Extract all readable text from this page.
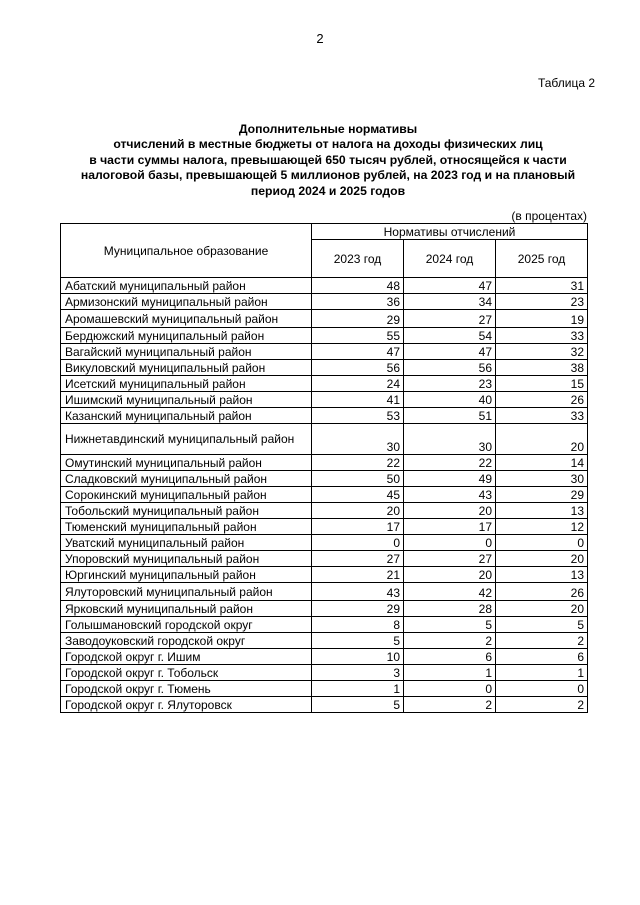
2
Таблица 2
Дополнительные нормативы
отчислений в местные бюджеты от налога на доходы физических лиц
в части суммы налога, превышающей 650 тысяч рублей, относящейся к части
налоговой базы, превышающей 5 миллионов рублей, на 2023 год и на плановый
период 2024 и 2025 годов
(в процентах)
Муниципальное образование	Нормативы отчислений		
	2023 год	2024 год	2025 год
Абатский муниципальный район	48	47	31
Армизонский муниципальный район	36	34	23
Аромашевский муниципальный район	29	27	19
Бердюжский муниципальный район	55	54	33
Вагайский муниципальный район	47	47	32
Викуловский муниципальный район	56	56	38
Исетский муниципальный район	24	23	15
Ишимский муниципальный район	41	40	26
Казанский муниципальный район	53	51	33
Нижнетавдинский муниципальный район	30	30	20
Омутинский муниципальный район	22	22	14
Сладковский муниципальный район	50	49	30
Сорокинский муниципальный район	45	43	29
Тобольский муниципальный район	20	20	13
Тюменский муниципальный район	17	17	12
Уватский муниципальный район	0	0	0
Упоровский муниципальный район	27	27	20
Юргинский муниципальный район	21	20	13
Ялуторовский муниципальный район	43	42	26
Ярковский муниципальный район	29	28	20
Голышмановский городской округ	8	5	5
Заводоуковский городской округ	5	2	2
Городской округ г. Ишим	10	6	6
Городской округ г. Тобольск	3	1	1
Городской округ г. Тюмень	1	0	0
Городской округ г. Ялуторовск	5	2	2
